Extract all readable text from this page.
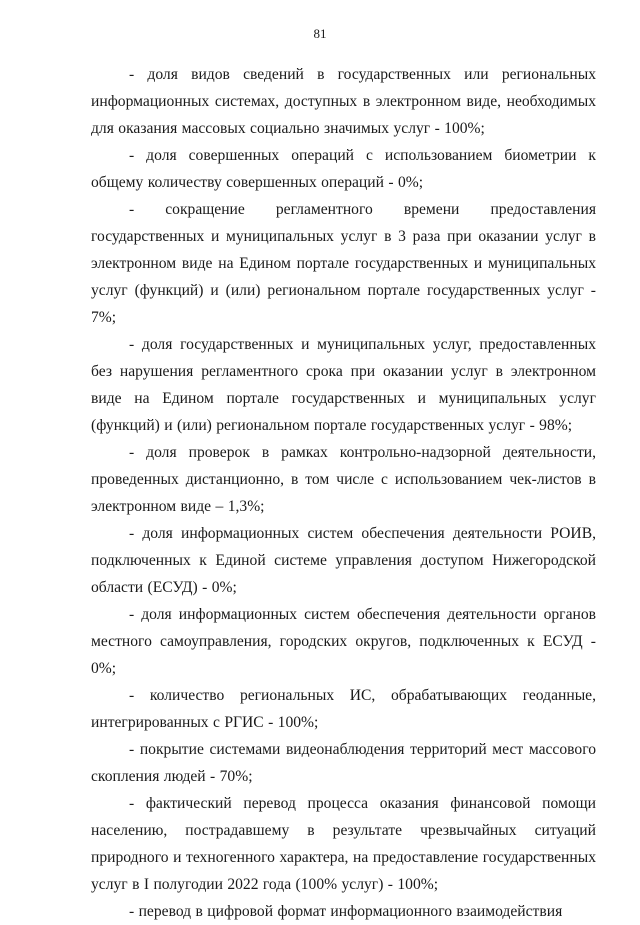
81

- доля видов сведений в государственных или региональных информационных системах, доступных в электронном виде, необходимых для оказания массовых социально значимых услуг - 100%;

- доля совершенных операций с использованием биометрии к общему количеству совершенных операций - 0%;

- сокращение регламентного времени предоставления государственных и муниципальных услуг в 3 раза при оказании услуг в электронном виде на Едином портале государственных и муниципальных услуг (функций) и (или) региональном портале государственных услуг - 7%;

- доля государственных и муниципальных услуг, предоставленных без нарушения регламентного срока при оказании услуг в электронном виде на Едином портале государственных и муниципальных услуг (функций) и (или) региональном портале государственных услуг - 98%;

- доля проверок в рамках контрольно-надзорной деятельности, проведенных дистанционно, в том числе с использованием чек-листов в электронном виде – 1,3%;

- доля информационных систем обеспечения деятельности РОИВ, подключенных к Единой системе управления доступом Нижегородской области (ЕСУД) - 0%;

- доля информационных систем обеспечения деятельности органов местного самоуправления, городских округов, подключенных к ЕСУД - 0%;

- количество региональных ИС, обрабатывающих геоданные, интегрированных с РГИС - 100%;

- покрытие системами видеонаблюдения территорий мест массового скопления людей - 70%;

- фактический перевод процесса оказания финансовой помощи населению, пострадавшему в результате чрезвычайных ситуаций природного и техногенного характера, на предоставление государственных услуг в I полугодии 2022 года (100% услуг) - 100%;

- перевод в цифровой формат информационного взаимодействия
